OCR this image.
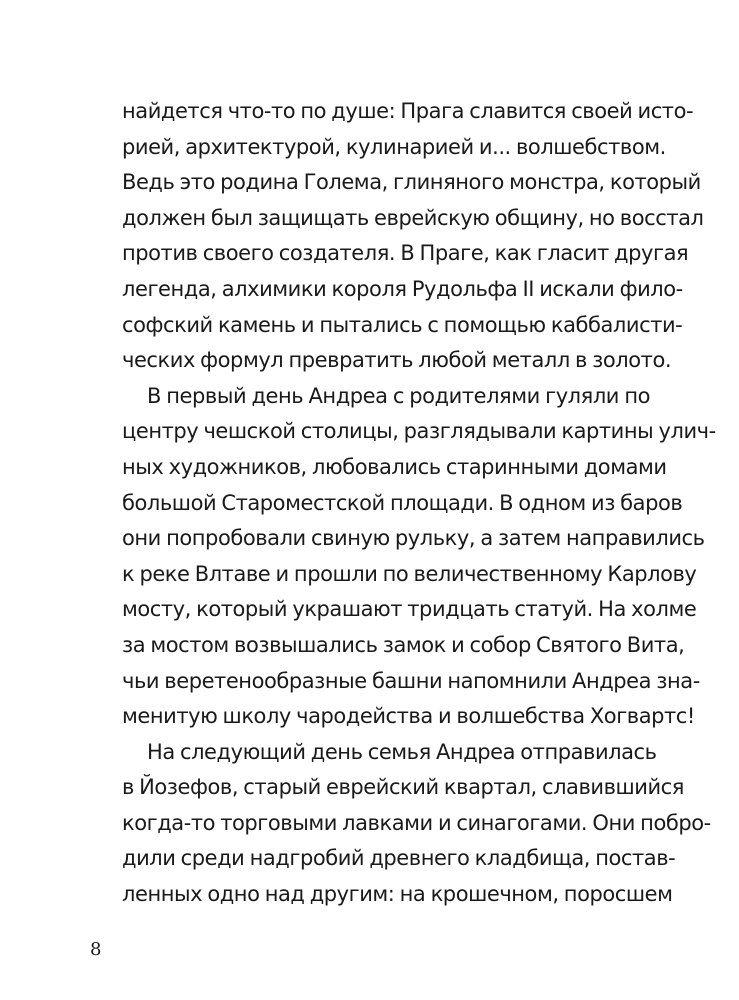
найдется что-то по душе: Прага славится своей исто-
рией, архитектурой, кулинарией и... волшебством.
Ведь это родина Голема, глиняного монстра, который
должен был защищать еврейскую общину, но восстал
против своего создателя. В Праге, как гласит другая
легенда, алхимики короля Рудольфа II искали фило-
софский камень и пытались с помощью каббалисти-
ческих формул превратить любой металл в золото.
В первый день Андреа с родителями гуляли по
центру чешской столицы, разглядывали картины улич-
ных художников, любовались старинными домами
большой Староместской площади. В одном из баров
они попробовали свиную рульку, а затем направились
к реке Влтаве и прошли по величественному Карлову
мосту, который украшают тридцать статуй. На холме
за мостом возвышались замок и собор Святого Вита,
чьи веретенообразные башни напомнили Андреа зна-
менитую школу чародейства и волшебства Хогвартс!
На следующий день семья Андреа отправилась
в Йозефов, старый еврейский квартал, славившийся
когда-то торговыми лавками и синагогами. Они побро-
дили среди надгробий древнего кладбища, постав-
ленных одно над другим: на крошечном, поросшем
8
